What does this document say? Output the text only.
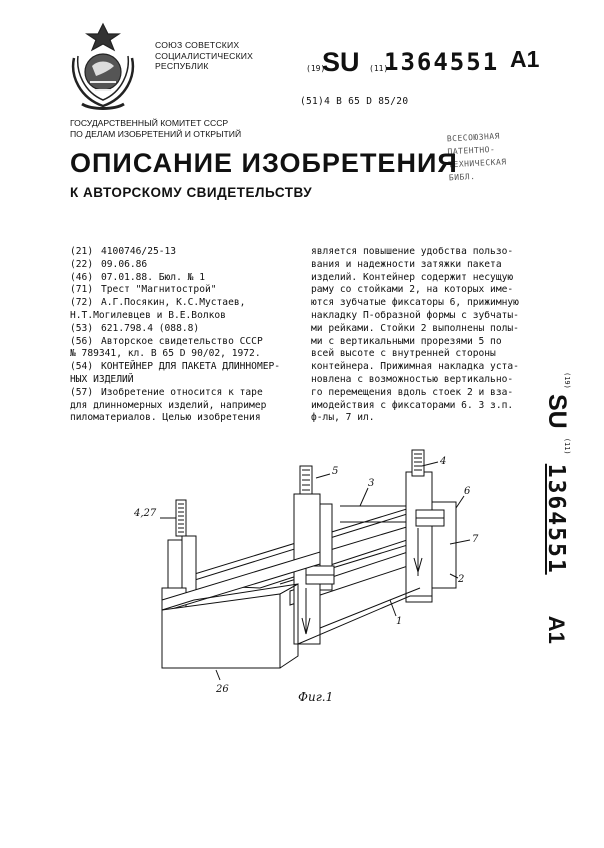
СОЮЗ СОВЕТСКИХ
СОЦИАЛИСТИЧЕСКИХ
РЕСПУБЛИК	(19)
SU (11)
1364551 A1
(51)4 B 65 D 85/20
ГОСУДАРСТВЕННЫЙ КОМИТЕТ СССР
ПО ДЕЛАМ ИЗОБРЕТЕНИЙ И ОТКРЫТИЙ	ВСЕСОЮЗНАЯ
ПАТЕНТНО-
ТЕХНИЧЕСКАЯ
БИБЛ.
ОПИСАНИЕ ИЗОБРЕТЕНИЯ
К АВТОРСКОМУ СВИДЕТЕЛЬСТВУ
(21) 4100746/25-13
(22) 09.06.86
(46) 07.01.88. Бюл. № 1
(71) Трест "Магнитострой"
(72) А.Г.Посякин, К.С.Мустаев,
Н.Т.Могилевцев и В.Е.Волков
(53) 621.798.4 (088.8)
(56) Авторское свидетельство СССР
№ 789341, кл. B 65 D 90/02, 1972.
(54) КОНТЕЙНЕР ДЛЯ ПАКЕТА ДЛИННОМЕР-
НЫХ ИЗДЕЛИЙ
(57) Изобретение относится к таре
для длинномерных изделий, например
пиломатериалов. Целью изобретения
является повышение удобства пользо-
вания и надежности затяжки пакета
изделий. Контейнер содержит несущую
раму со стойками 2, на которых име-
ются зубчатые фиксаторы 6, прижимную
накладку П-образной формы с зубчаты-
ми рейками. Стойки 2 выполнены полы-
ми с вертикальными прорезями 5 по
всей высоте с внутренней стороны
контейнера. Прижимная накладка уста-
новлена с возможностью вертикально-
го перемещения вдоль стоек 2 и вза-
имодействия с фиксаторами 6. 3 з.п.
ф-лы, 7 ил.
$^{(19)}$ SU $^{(11)}$ 1364551 A1
4
5
3
6
4,27
7
2
1
26
Фиг.1
